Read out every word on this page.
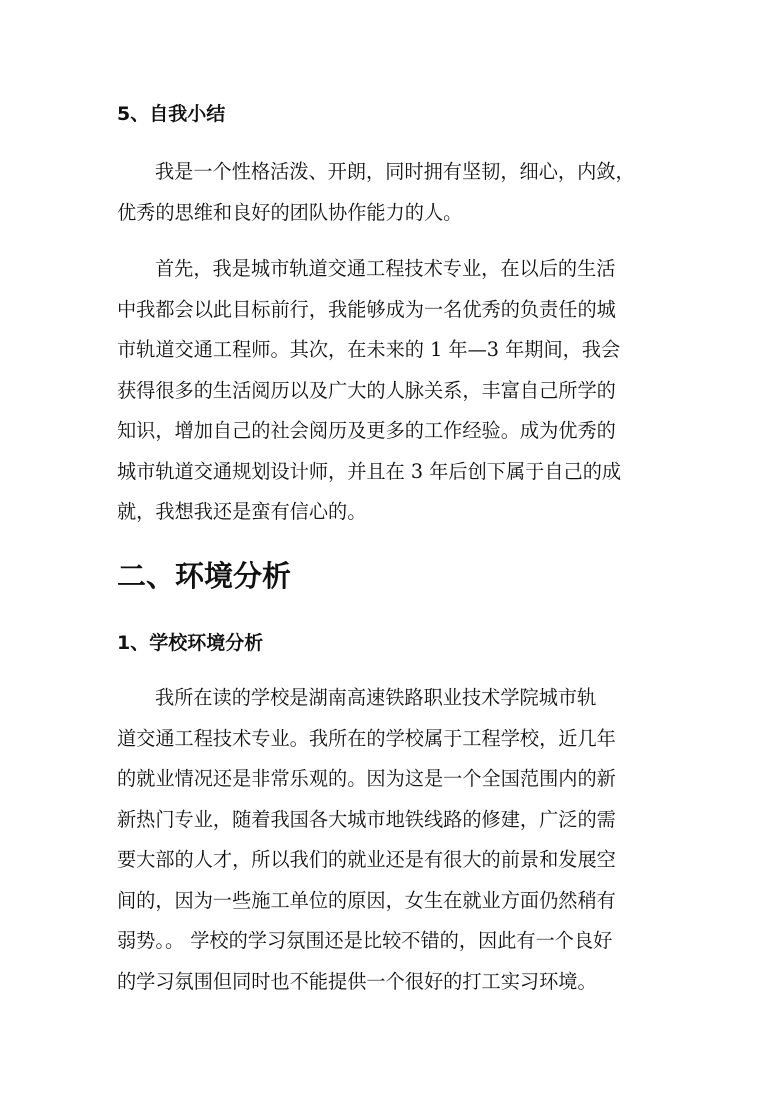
5、自我小结
我是一个性格活泼、开朗，同时拥有坚韧，细心，内敛，
优秀的思维和良好的团队协作能力的人。
首先，我是城市轨道交通工程技术专业，在以后的生活
中我都会以此目标前行，我能够成为一名优秀的负责任的城
市轨道交通工程师。其次，在未来的 1 年—3 年期间，我会
获得很多的生活阅历以及广大的人脉关系，丰富自己所学的
知识，增加自己的社会阅历及更多的工作经验。成为优秀的
城市轨道交通规划设计师，并且在 3 年后创下属于自己的成
就，我想我还是蛮有信心的。
二、环境分析
1、学校环境分析
我所在读的学校是湖南高速铁路职业技术学院城市轨
道交通工程技术专业。我所在的学校属于工程学校，近几年
的就业情况还是非常乐观的。因为这是一个全国范围内的新
新热门专业，随着我国各大城市地铁线路的修建，广泛的需
要大部的人才，所以我们的就业还是有很大的前景和发展空
间的，因为一些施工单位的原因，女生在就业方面仍然稍有
弱势。。 学校的学习氛围还是比较不错的，因此有一个良好
的学习氛围但同时也不能提供一个很好的打工实习环境。
